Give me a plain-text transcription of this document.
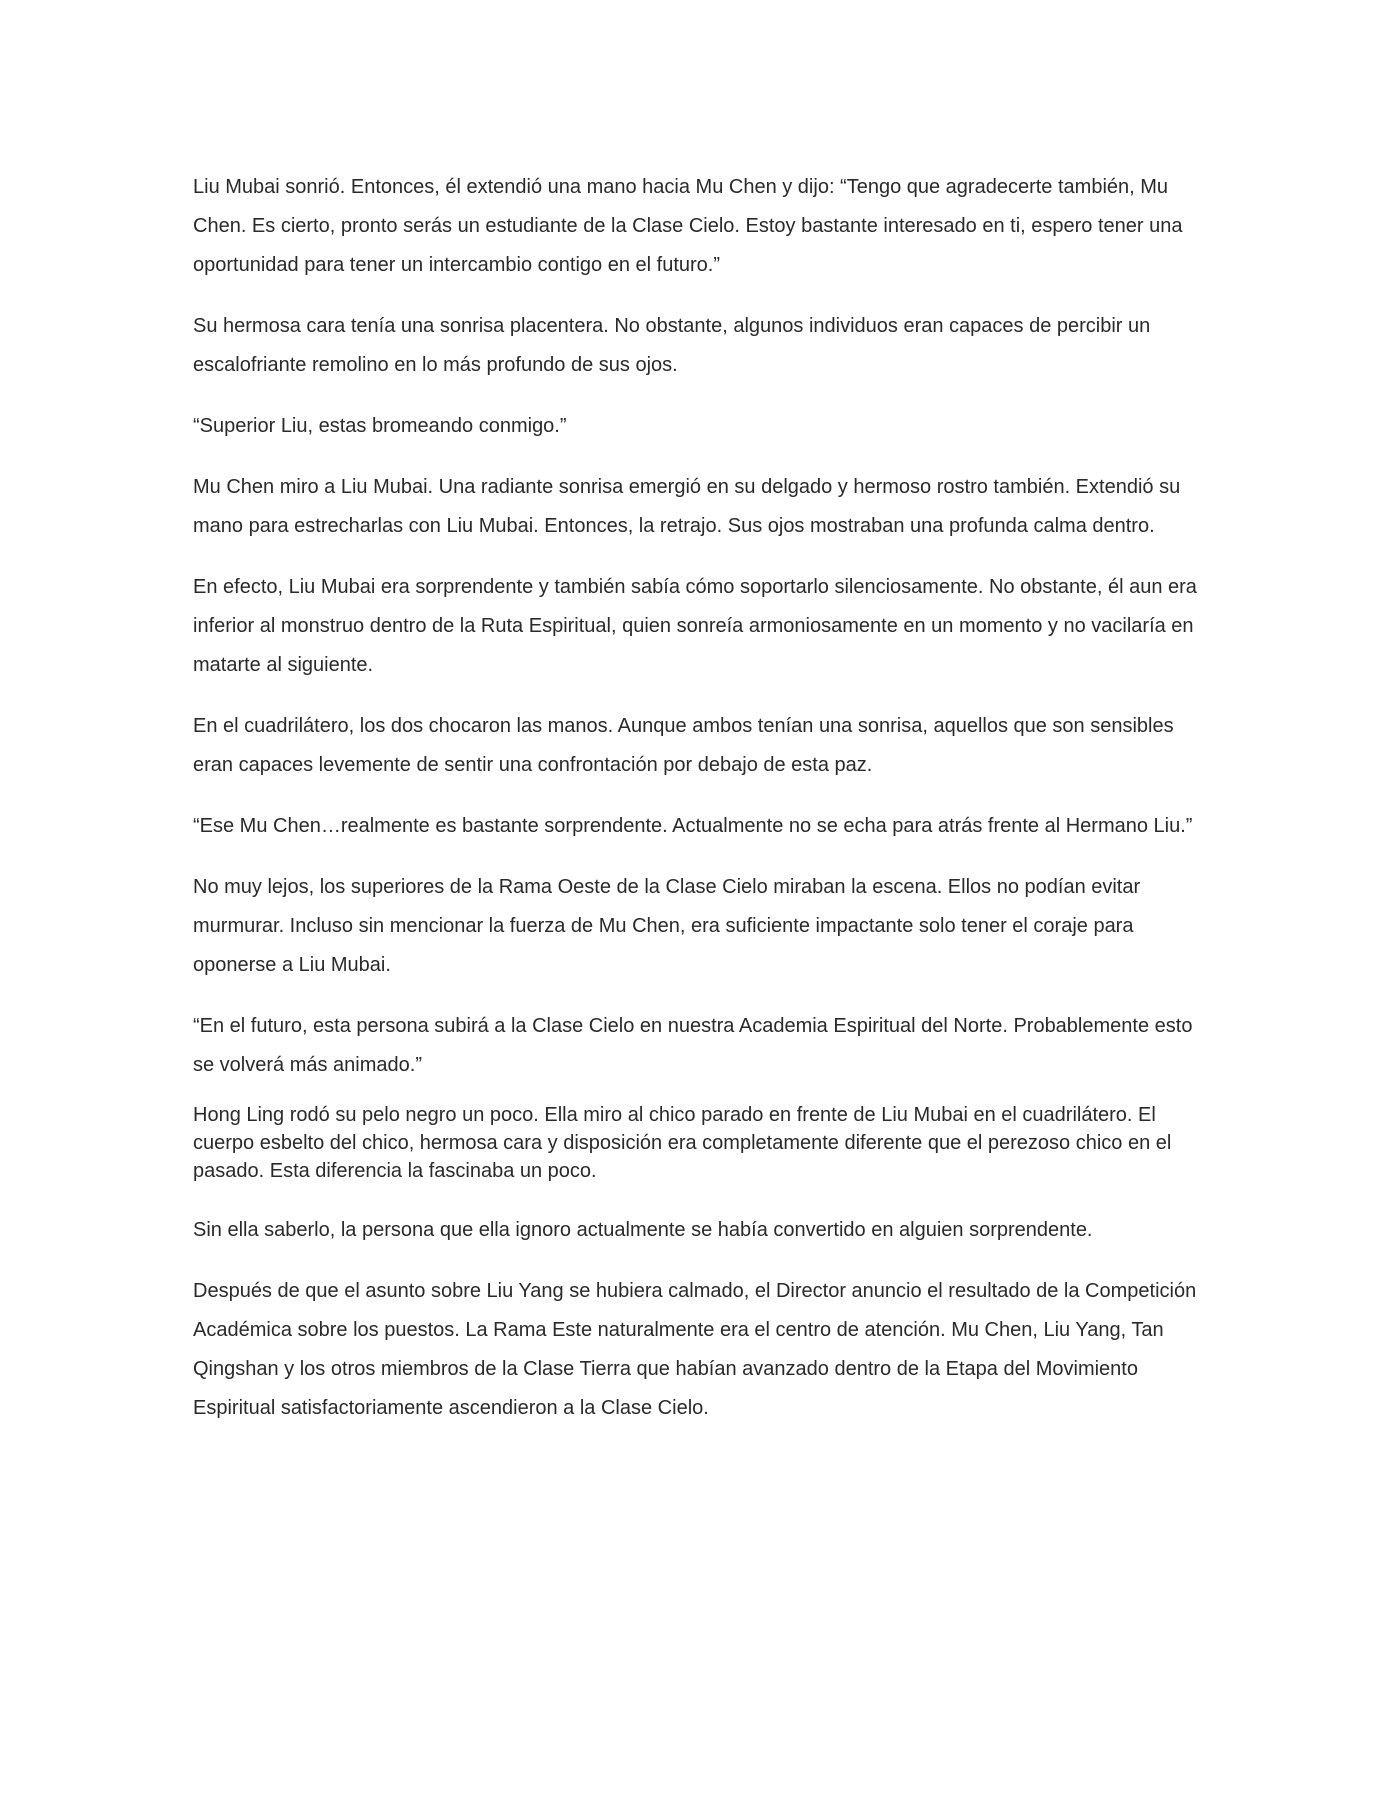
Liu Mubai sonrió. Entonces, él extendió una mano hacia Mu Chen y dijo: “Tengo que agradecerte también, Mu Chen. Es cierto, pronto serás un estudiante de la Clase Cielo. Estoy bastante interesado en ti, espero tener una oportunidad para tener un intercambio contigo en el futuro.”

Su hermosa cara tenía una sonrisa placentera. No obstante, algunos individuos eran capaces de percibir un escalofriante remolino en lo más profundo de sus ojos.

“Superior Liu, estas bromeando conmigo.”

Mu Chen miro a Liu Mubai. Una radiante sonrisa emergió en su delgado y hermoso rostro también. Extendió su mano para estrecharlas con Liu Mubai. Entonces, la retrajo. Sus ojos mostraban una profunda calma dentro.

En efecto, Liu Mubai era sorprendente y también sabía cómo soportarlo silenciosamente. No obstante, él aun era inferior al monstruo dentro de la Ruta Espiritual, quien sonreía armoniosamente en un momento y no vacilaría en matarte al siguiente.

En el cuadrilátero, los dos chocaron las manos. Aunque ambos tenían una sonrisa, aquellos que son sensibles eran capaces levemente de sentir una confrontación por debajo de esta paz.

“Ese Mu Chen…realmente es bastante sorprendente. Actualmente no se echa para atrás frente al Hermano Liu.”

No muy lejos, los superiores de la Rama Oeste de la Clase Cielo miraban la escena. Ellos no podían evitar murmurar. Incluso sin mencionar la fuerza de Mu Chen, era suficiente impactante solo tener el coraje para oponerse a Liu Mubai.

“En el futuro, esta persona subirá a la Clase Cielo en nuestra Academia Espiritual del Norte. Probablemente esto se volverá más animado.”

Hong Ling rodó su pelo negro un poco. Ella miro al chico parado en frente de Liu Mubai en el cuadrilátero. El cuerpo esbelto del chico, hermosa cara y disposición era completamente diferente que el perezoso chico en el pasado. Esta diferencia la fascinaba un poco.

Sin ella saberlo, la persona que ella ignoro actualmente se había convertido en alguien sorprendente.

Después de que el asunto sobre Liu Yang se hubiera calmado, el Director anuncio el resultado de la Competición Académica sobre los puestos. La Rama Este naturalmente era el centro de atención. Mu Chen, Liu Yang, Tan Qingshan y los otros miembros de la Clase Tierra que habían avanzado dentro de la Etapa del Movimiento Espiritual satisfactoriamente ascendieron a la Clase Cielo.
